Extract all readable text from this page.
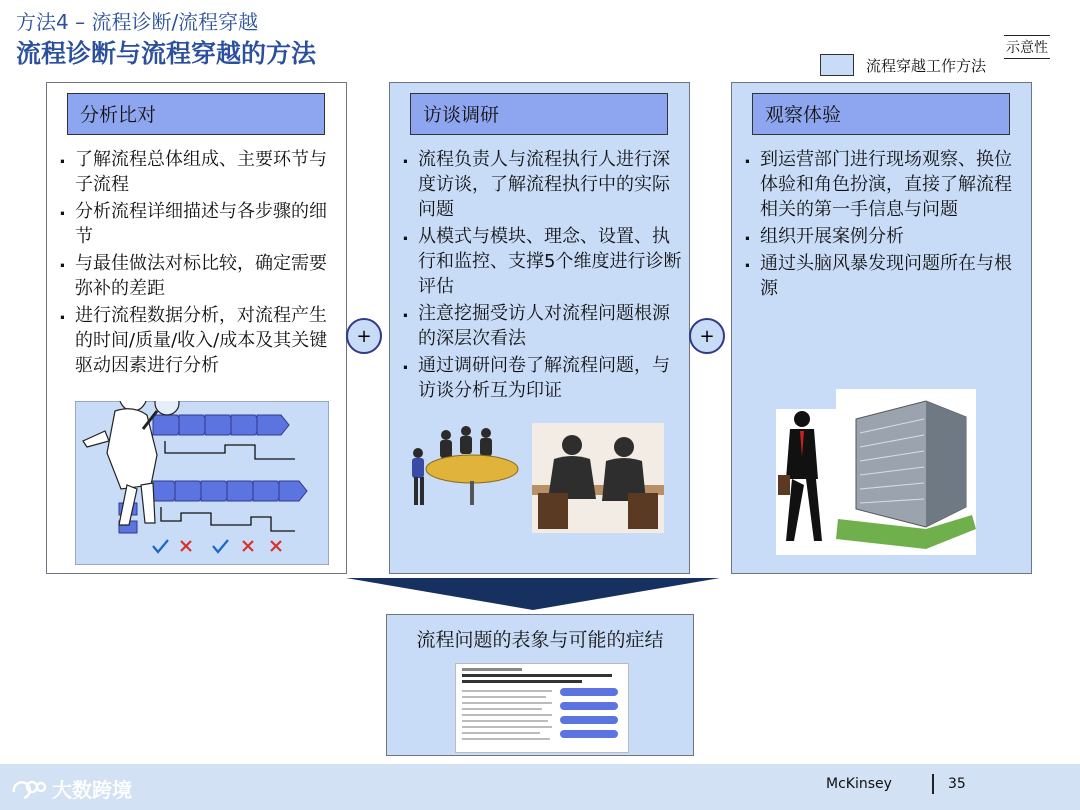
方法4 – 流程诊断/流程穿越
流程诊断与流程穿越的方法	示意性
流程穿越工作方法
分析比对
. 了解流程总体组成、主要环节与子流程
. 分析流程详细描述与各步骤的细节
. 与最佳做法对标比较，确定需要弥补的差距
. 进行流程数据分析，对流程产生的时间/质量/收入/成本及其关键驱动因素进行分析
+
访谈调研
. 流程负责人与流程执行人进行深度访谈，了解流程执行中的实际问题
. 从模式与模块、理念、设置、执行和监控、支撑5个维度进行诊断评估
. 注意挖掘受访人对流程问题根源的深层次看法
. 通过调研问卷了解流程问题，与访谈分析互为印证
+
观察体验
. 到运营部门进行现场观察、换位体验和角色扮演，直接了解流程相关的第一手信息与问题
. 组织开展案例分析
. 通过头脑风暴发现问题所在与根源
流程问题的表象与可能的症结
大数跨境	McKinsey	35
